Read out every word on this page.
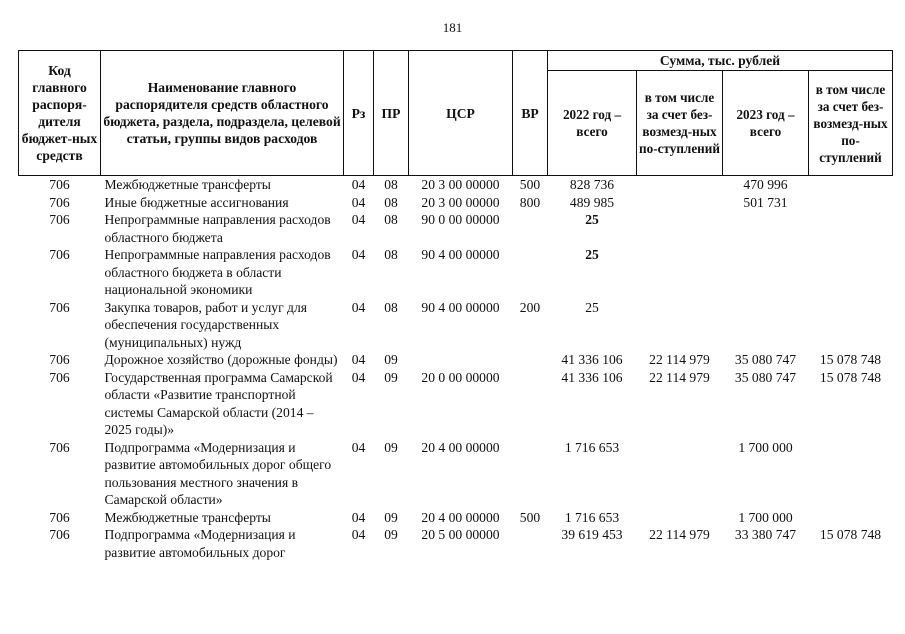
181
Код главного распоря-дителя бюджет-ных средств	Наименование главного распорядителя средств областного бюджета, раздела, подраздела, целевой статьи, группы видов расходов	Рз	ПР	ЦСР	ВР	Сумма, тыс. рублей			
						2022 год – всего	в том числе за счет без-возмезд-ных по-ступлений	2023 год – всего	в том числе за счет без-возмезд-ных по-ступлений
706	Межбюджетные трансферты	04	08	20 3 00 00000	500	828 736		470 996	
706	Иные бюджетные ассигнования	04	08	20 3 00 00000	800	489 985		501 731	
706	Непрограммные направления расходов областного бюджета	04	08	90 0 00 00000		25			
706	Непрограммные направления расходов областного бюджета в области национальной экономики	04	08	90 4 00 00000		25			
706	Закупка товаров, работ и услуг для обеспечения государственных (муниципальных) нужд	04	08	90 4 00 00000	200	25			
706	Дорожное хозяйство (дорожные фонды)	04	09			41 336 106	22 114 979	35 080 747	15 078 748
706	Государственная программа Самарской области «Развитие транспортной системы Самарской области (2014 – 2025 годы)»	04	09	20 0 00 00000		41 336 106	22 114 979	35 080 747	15 078 748
706	Подпрограмма «Модернизация и развитие автомобильных дорог общего пользования местного значения в Самарской области»	04	09	20 4 00 00000		1 716 653		1 700 000	
706	Межбюджетные трансферты	04	09	20 4 00 00000	500	1 716 653		1 700 000	
706	Подпрограмма «Модернизация и развитие автомобильных дорог	04	09	20 5 00 00000		39 619 453	22 114 979	33 380 747	15 078 748
